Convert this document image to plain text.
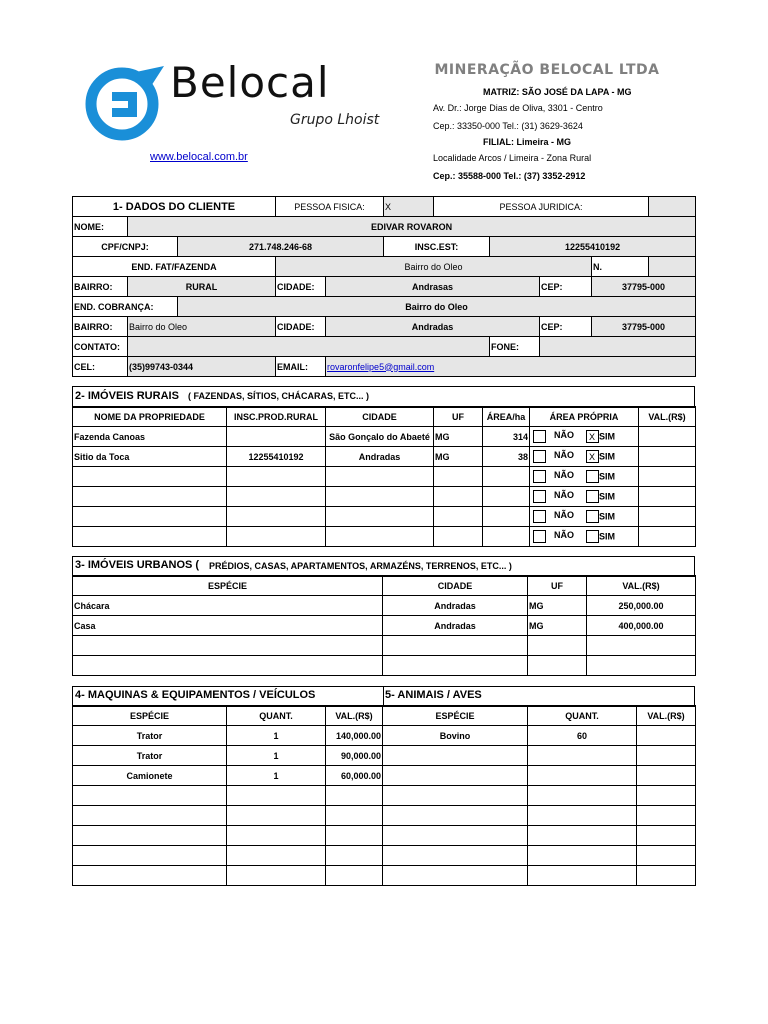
Belocal
Grupo Lhoist
www.belocal.com.br
MINERAÇÃO BELOCAL LTDA
MATRIZ: SÃO JOSÉ DA LAPA - MG
Av. Dr.: Jorge Dias de Oliva, 3301 - Centro
Cep.: 33350-000 Tel.: (31) 3629-3624
FILIAL: Limeira - MG
Localidade Arcos / Limeira - Zona Rural
Cep.: 35588-000 Tel.: (37) 3352-2912
1- DADOS DO CLIENTE			PESSOA FISICA:		X	PESSOA JURIDICA:				
NOME:	EDIVAR ROVARON									
CPF/CNPJ:		271.748.246-68			INSC.EST:		12255410192			
END. FAT/FAZENDA			Bairro do Oleo						N.	
BAIRRO:	RURAL		CIDADE:	Andrasas				CEP:	37795-000	
END. COBRANÇA:		Bairro do Oleo								
BAIRRO:	Bairro do Oleo		CIDADE:	Andradas				CEP:	37795-000	
CONTATO:							FONE:			
CEL:	(35)99743-0344		EMAIL:	rovaronfelipe5@gmail.com						
2- IMÓVEIS RURAIS ( FAZENDAS, SÍTIOS, CHÁCARAS, ETC... )
NOME DA PROPRIEDADE	INSC.PROD.RURAL	CIDADE	UF	ÁREA/ha	ÁREA PRÓPRIA	VAL.(R$)
Fazenda Canoas		São Gonçalo do Abaeté	MG	314	NÃO X SIM	
Sitio da Toca	12255410192	Andradas	MG	38	NÃO X SIM	
					NÃO SIM	
					NÃO SIM	
					NÃO SIM	
					NÃO SIM	
3- IMÓVEIS URBANOS ( PRÉDIOS, CASAS, APARTAMENTOS, ARMAZÉNS, TERRENOS, ETC... )
ESPÉCIE	CIDADE	UF	VAL.(R$)
Chácara	Andradas	MG	250,000.00
Casa	Andradas	MG	400,000.00

4- MAQUINAS & EQUIPAMENTOS / VEÍCULOS	5- ANIMAIS / AVES
ESPÉCIE	QUANT.	VAL.(R$)	ESPÉCIE	QUANT.	VAL.(R$)
Trator	1	140,000.00	Bovino	60	
Trator	1	90,000.00			
Camionete	1	60,000.00			
